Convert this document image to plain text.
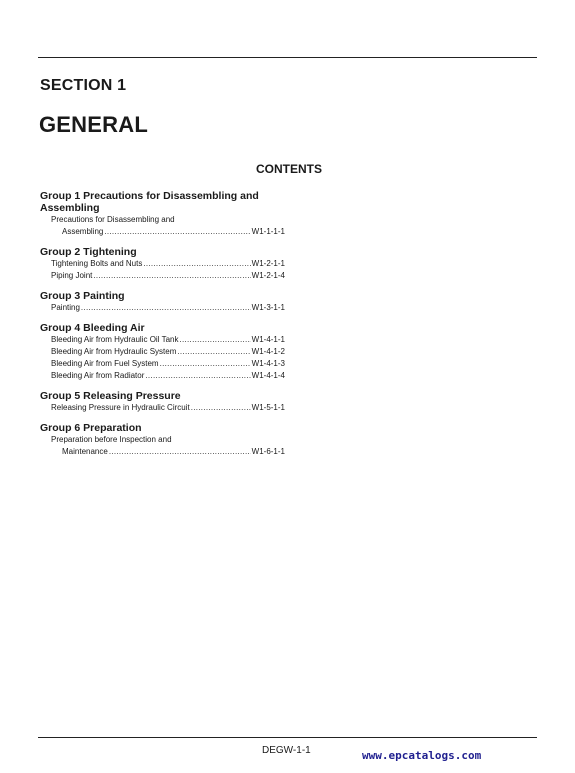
SECTION 1
GENERAL
CONTENTS
Group 1 Precautions for Disassembling and
Assembling
Precautions for Disassembling and
Assembling .....	W1-1-1-1
Group 2 Tightening
Tightening Bolts and Nuts .....	W1-2-1-1
Piping Joint .....	W1-2-1-4
Group 3 Painting
Painting .....	W1-3-1-1
Group 4 Bleeding Air
Bleeding Air from Hydraulic Oil Tank .....	W1-4-1-1
Bleeding Air from Hydraulic System .....	W1-4-1-2
Bleeding Air from Fuel System .....	W1-4-1-3
Bleeding Air from Radiator .....	W1-4-1-4
Group 5 Releasing Pressure
Releasing Pressure in Hydraulic Circuit .....	W1-5-1-1
Group 6 Preparation
Preparation before Inspection and
Maintenance .....	W1-6-1-1
DEGW-1-1	www.epcatalogs.com
